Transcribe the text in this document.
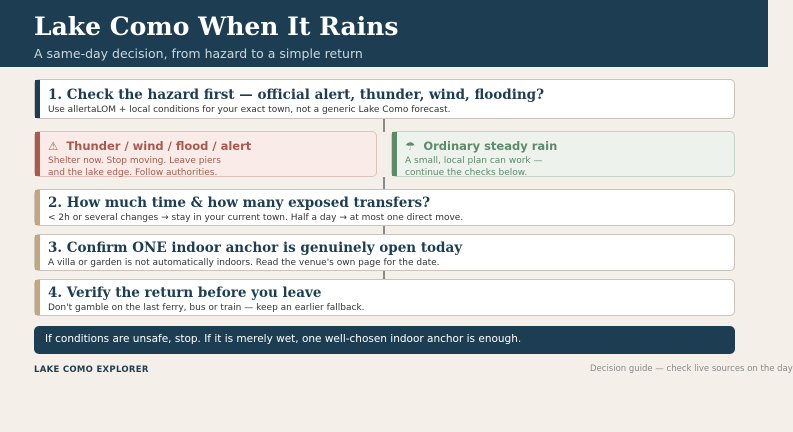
Lake Como When It Rains
A same-day decision, from hazard to a simple return
1. Check the hazard first — official alert, thunder, wind, flooding?
Use allertaLOM + local conditions for your exact town, not a generic Lake Como forecast.
⚠ Thunder / wind / flood / alert
Shelter now. Stop moving. Leave piers
and the lake edge. Follow authorities.
☂ Ordinary steady rain
A small, local plan can work —
continue the checks below.
2. How much time & how many exposed transfers?
< 2h or several changes → stay in your current town. Half a day → at most one direct move.
3. Confirm ONE indoor anchor is genuinely open today
A villa or garden is not automatically indoors. Read the venue's own page for the date.
4. Verify the return before you leave
Don't gamble on the last ferry, bus or train — keep an earlier fallback.
If conditions are unsafe, stop. If it is merely wet, one well-chosen indoor anchor is enough.
LAKE COMO EXPLORER	Decision guide — check live sources on the day
